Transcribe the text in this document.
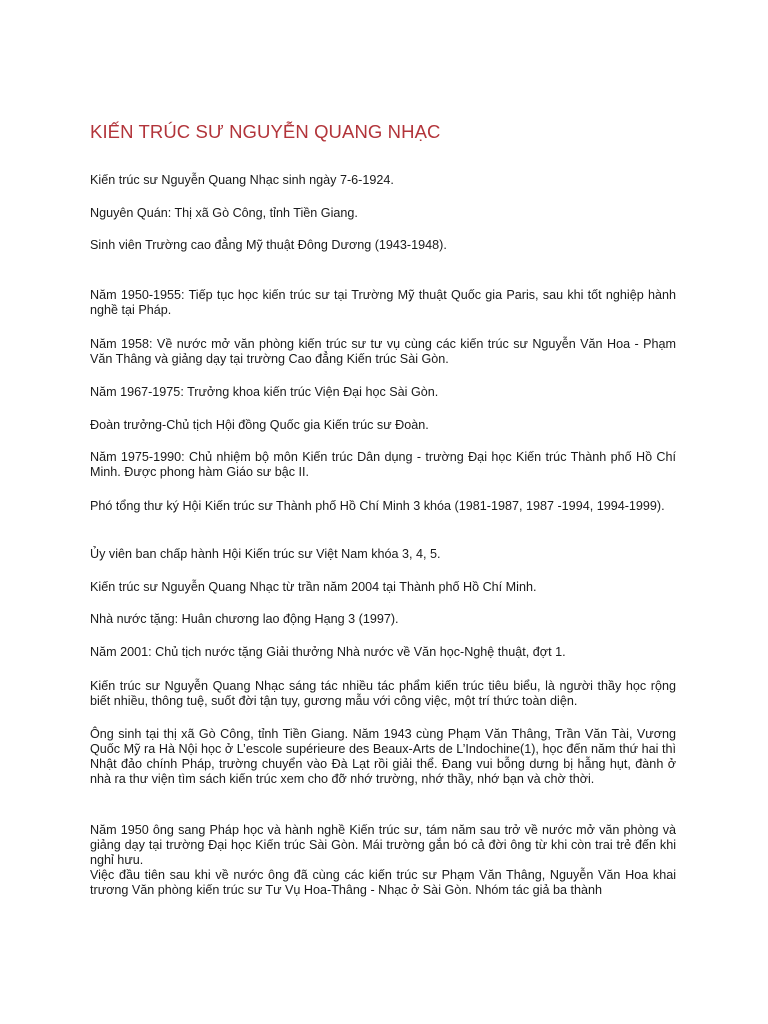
KIẾN TRÚC SƯ NGUYỄN QUANG NHẠC

Kiến trúc sư Nguyễn Quang Nhạc sinh ngày 7-6-1924.

Nguyên Quán: Thị xã Gò Công, tỉnh Tiền Giang.

Sinh viên Trường cao đẳng Mỹ thuật Đông Dương (1943-1948).

Năm 1950-1955: Tiếp tục học kiến trúc sư tại Trường Mỹ thuật Quốc gia Paris, sau khi tốt nghiệp hành nghề tại Pháp.

Năm 1958: Về nước mở văn phòng kiến trúc sư tư vụ cùng các kiến trúc sư Nguyễn Văn Hoa - Phạm Văn Thâng và giảng dạy tại trường Cao đẳng Kiến trúc Sài Gòn.

Năm 1967-1975: Trưởng khoa kiến trúc Viện Đại học Sài Gòn.

Đoàn trưởng-Chủ tịch Hội đồng Quốc gia Kiến trúc sư Đoàn.

Năm 1975-1990: Chủ nhiệm bộ môn Kiến trúc Dân dụng - trường Đại học Kiến trúc Thành phố Hồ Chí Minh. Được phong hàm Giáo sư bậc II.

Phó tổng thư ký Hội Kiến trúc sư Thành phố Hồ Chí Minh 3 khóa (1981-1987, 1987 -1994, 1994-1999).

Ủy viên ban chấp hành Hội Kiến trúc sư Việt Nam khóa 3, 4, 5.

Kiến trúc sư Nguyễn Quang Nhạc từ trần năm 2004 tại Thành phố Hồ Chí Minh.

Nhà nước tặng: Huân chương lao động Hạng 3 (1997).

Năm 2001: Chủ tịch nước tặng Giải thưởng Nhà nước về Văn học-Nghệ thuật, đợt 1.

Kiến trúc sư Nguyễn Quang Nhạc sáng tác nhiều tác phẩm kiến trúc tiêu biểu, là người thầy học rộng biết nhiều, thông tuệ, suốt đời tận tụy, gương mẫu với công việc, một trí thức toàn diện.

Ông sinh tại thị xã Gò Công, tỉnh Tiền Giang. Năm 1943 cùng Phạm Văn Thâng, Trần Văn Tài, Vương Quốc Mỹ ra Hà Nội học ở L’escole supérieure des Beaux-Arts de L’Indochine(1), học đến năm thứ hai thì Nhật đảo chính Pháp, trường chuyển vào Đà Lạt rồi giải thể. Đang vui bỗng dưng bị hẫng hụt, đành ở nhà ra thư viện tìm sách kiến trúc xem cho đỡ nhớ trường, nhớ thầy, nhớ bạn và chờ thời.

Năm 1950 ông sang Pháp học và hành nghề Kiến trúc sư, tám năm sau trở về nước mở văn phòng và giảng dạy tại trường Đại học Kiến trúc Sài Gòn. Mái trường gắn bó cả đời ông từ khi còn trai trẻ đến khi nghỉ hưu.

Việc đầu tiên sau khi về nước ông đã cùng các kiến trúc sư Phạm Văn Thâng, Nguyễn Văn Hoa khai trương Văn phòng kiến trúc sư Tư Vụ Hoa-Thâng - Nhạc ở Sài Gòn. Nhóm tác giả ba thành
